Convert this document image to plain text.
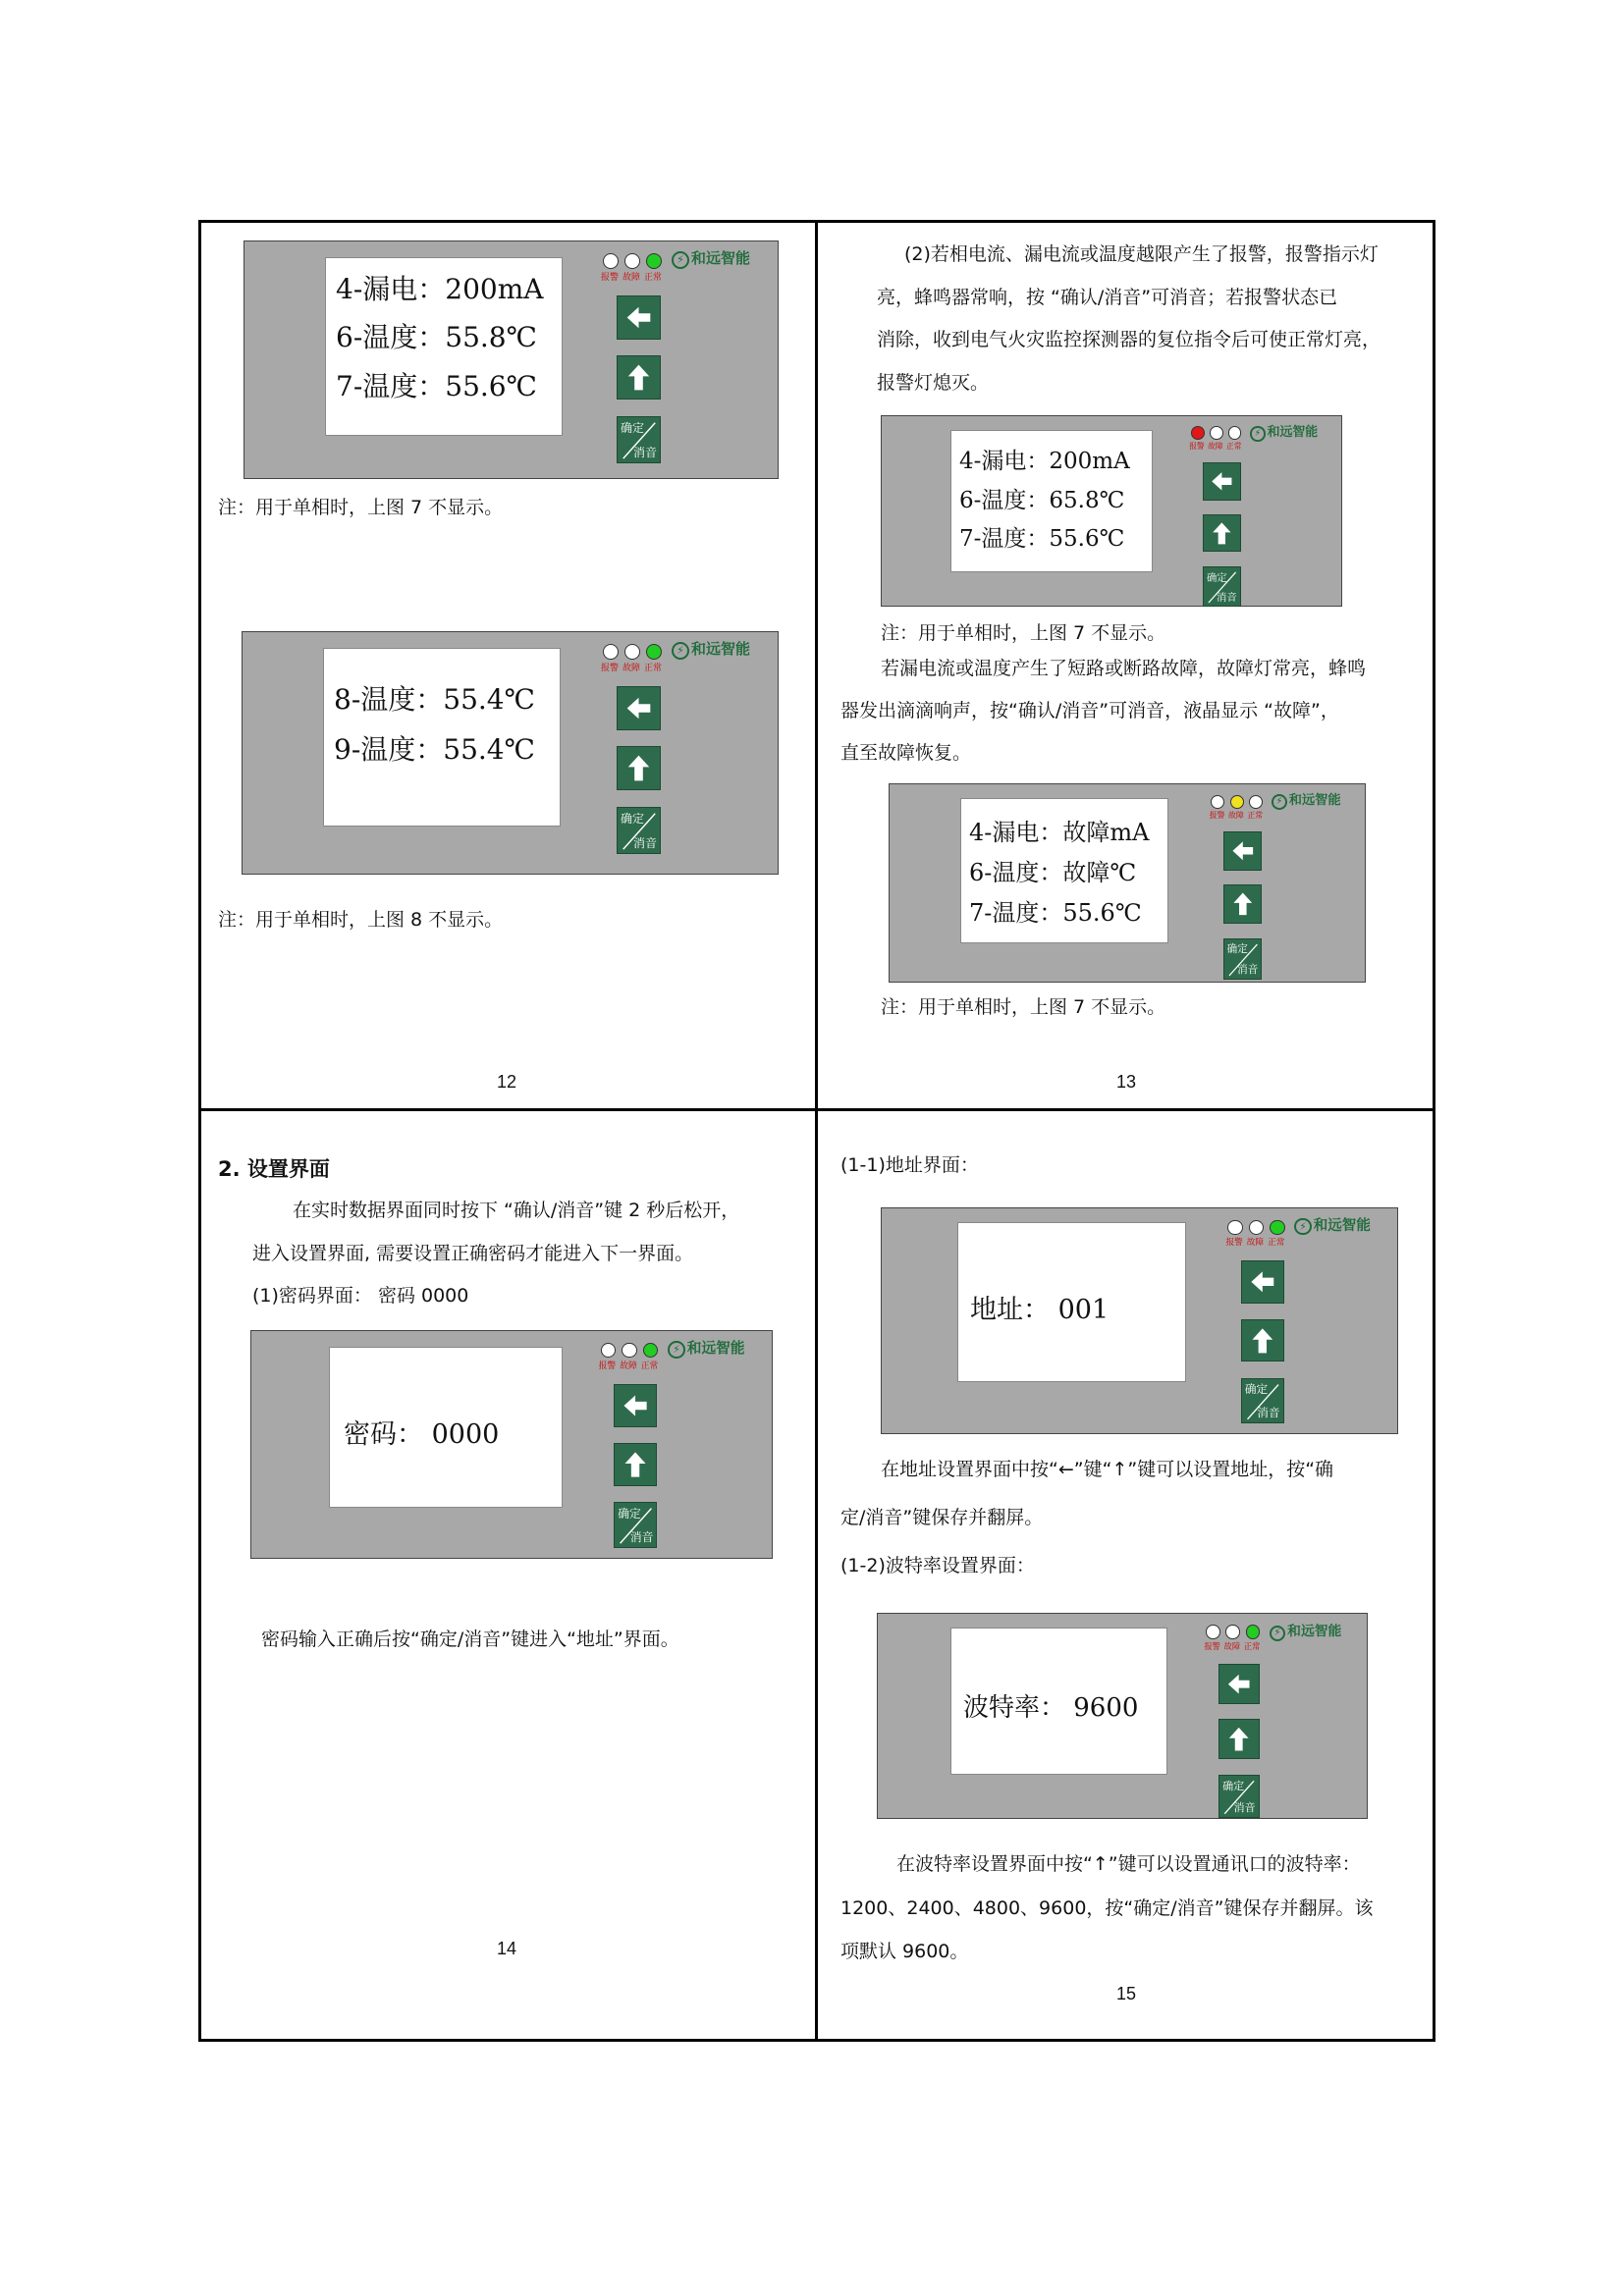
4-漏电：200mA
6-温度：55.8℃
7-温度：55.6℃
报警 故障 正常
⚡ 和远智能
确定
消音
注：用于单相时，上图 7 不显示。
8-温度：55.4℃
9-温度：55.4℃
报警 故障 正常
⚡ 和远智能
确定
消音
注：用于单相时，上图 8 不显示。
12
(2)若相电流、漏电流或温度越限产生了报警，报警指示灯
亮，蜂鸣器常响，按 “确认/消音”可消音；若报警状态已
消除，收到电气火灾监控探测器的复位指令后可使正常灯亮，
报警灯熄灭。
4-漏电：200mA
6-温度：65.8℃
7-温度：55.6℃
报警 故障 正常
⚡ 和远智能
确定
消音
注：用于单相时，上图 7 不显示。
若漏电流或温度产生了短路或断路故障，故障灯常亮，蜂鸣
器发出滴滴响声，按“确认/消音”可消音，液晶显示 “故障”，
直至故障恢复。
4-漏电：故障mA
6-温度：故障℃
7-温度：55.6℃
报警 故障 正常
⚡ 和远智能
确定
消音
注：用于单相时，上图 7 不显示。
13
2. 设置界面
在实时数据界面同时按下 “确认/消音”键 2 秒后松开，
进入设置界面, 需要设置正确密码才能进入下一界面。
(1)密码界面： 密码 0000
密码： 0000
报警 故障 正常
⚡ 和远智能
确定
消音
密码输入正确后按“确定/消音”键进入“地址”界面。
14
(1-1)地址界面：
地址： 001
报警 故障 正常
⚡ 和远智能
确定
消音
在地址设置界面中按“←”键“↑”键可以设置地址，按“确
定/消音”键保存并翻屏。
(1-2)波特率设置界面：
波特率： 9600
报警 故障 正常
⚡ 和远智能
确定
消音
在波特率设置界面中按“↑”键可以设置通讯口的波特率：
1200、2400、4800、9600，按“确定/消音”键保存并翻屏。该
项默认 9600。
15
